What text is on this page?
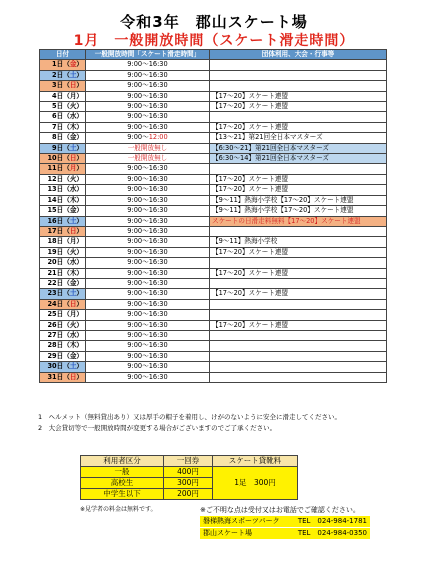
令和3年　郡山スケート場
1月　一般開放時間（スケート滑走時間）
日付	一般開放時間「スケート滑走時間」	団体利用、大会・行事等
1日（金）	9:00～16:30	
2日（土）	9:00～16:30	
3日（日）	9:00～16:30	
4日（月）	9:00～16:30	【17～20】スケート連盟
5日（火）	9:00～16:30	【17～20】スケート連盟
6日（水）	9:00～16:30	
7日（木）	9:00～16:30	【17～20】スケート連盟
8日（金）	9:00～12:00	【13～21】第21回全日本マスターズ
9日（土）	一般開放無し	【6:30～21】第21回全日本マスターズ
10日（日）	一般開放無し	【6:30～14】第21回全日本マスターズ
11日（月）	9:00～16:30	
12日（火）	9:00～16:30	【17～20】スケート連盟
13日（水）	9:00～16:30	【17～20】スケート連盟
14日（木）	9:00～16:30	【9～11】熱海小学校【17～20】スケート連盟
15日（金）	9:00～16:30	【9～11】熱海小学校【17～20】スケート連盟
16日（土）	9:00～16:30	スケートの日滑走料無料【17～20】スケート連盟
17日（日）	9:00～16:30	
18日（月）	9:00～16:30	【9～11】熱海小学校
19日（火）	9:00～16:30	【17～20】スケート連盟
20日（水）	9:00～16:30	
21日（木）	9:00～16:30	【17～20】スケート連盟
22日（金）	9:00～16:30	
23日（土）	9:00～16:30	【17～20】スケート連盟
24日（日）	9:00～16:30	
25日（月）	9:00～16:30	
26日（火）	9:00～16:30	【17～20】スケート連盟
27日（水）	9:00～16:30	
28日（木）	9:00～16:30	
29日（金）	9:00～16:30	
30日（土）	9:00～16:30	
31日（日）	9:00～16:30	
1　ヘルメット（無料貸出あり）又は厚手の帽子を着用し、けがのないように安全に滑走してください。
2　大会貸切等で一般開放時間が変更する場合がございますのでご了承ください。
利用者区分	一回券	スケート貸靴料
一般	400円	1足　300円
高校生	300円	
中学生以下	200円	
※見学者の料金は無料です。	※ご不明な点は受付又はお電話でご確認ください。
磐梯熱海スポーツパーク	TEL　024-984-1781
郡山スケート場	TEL　024-984-0350
